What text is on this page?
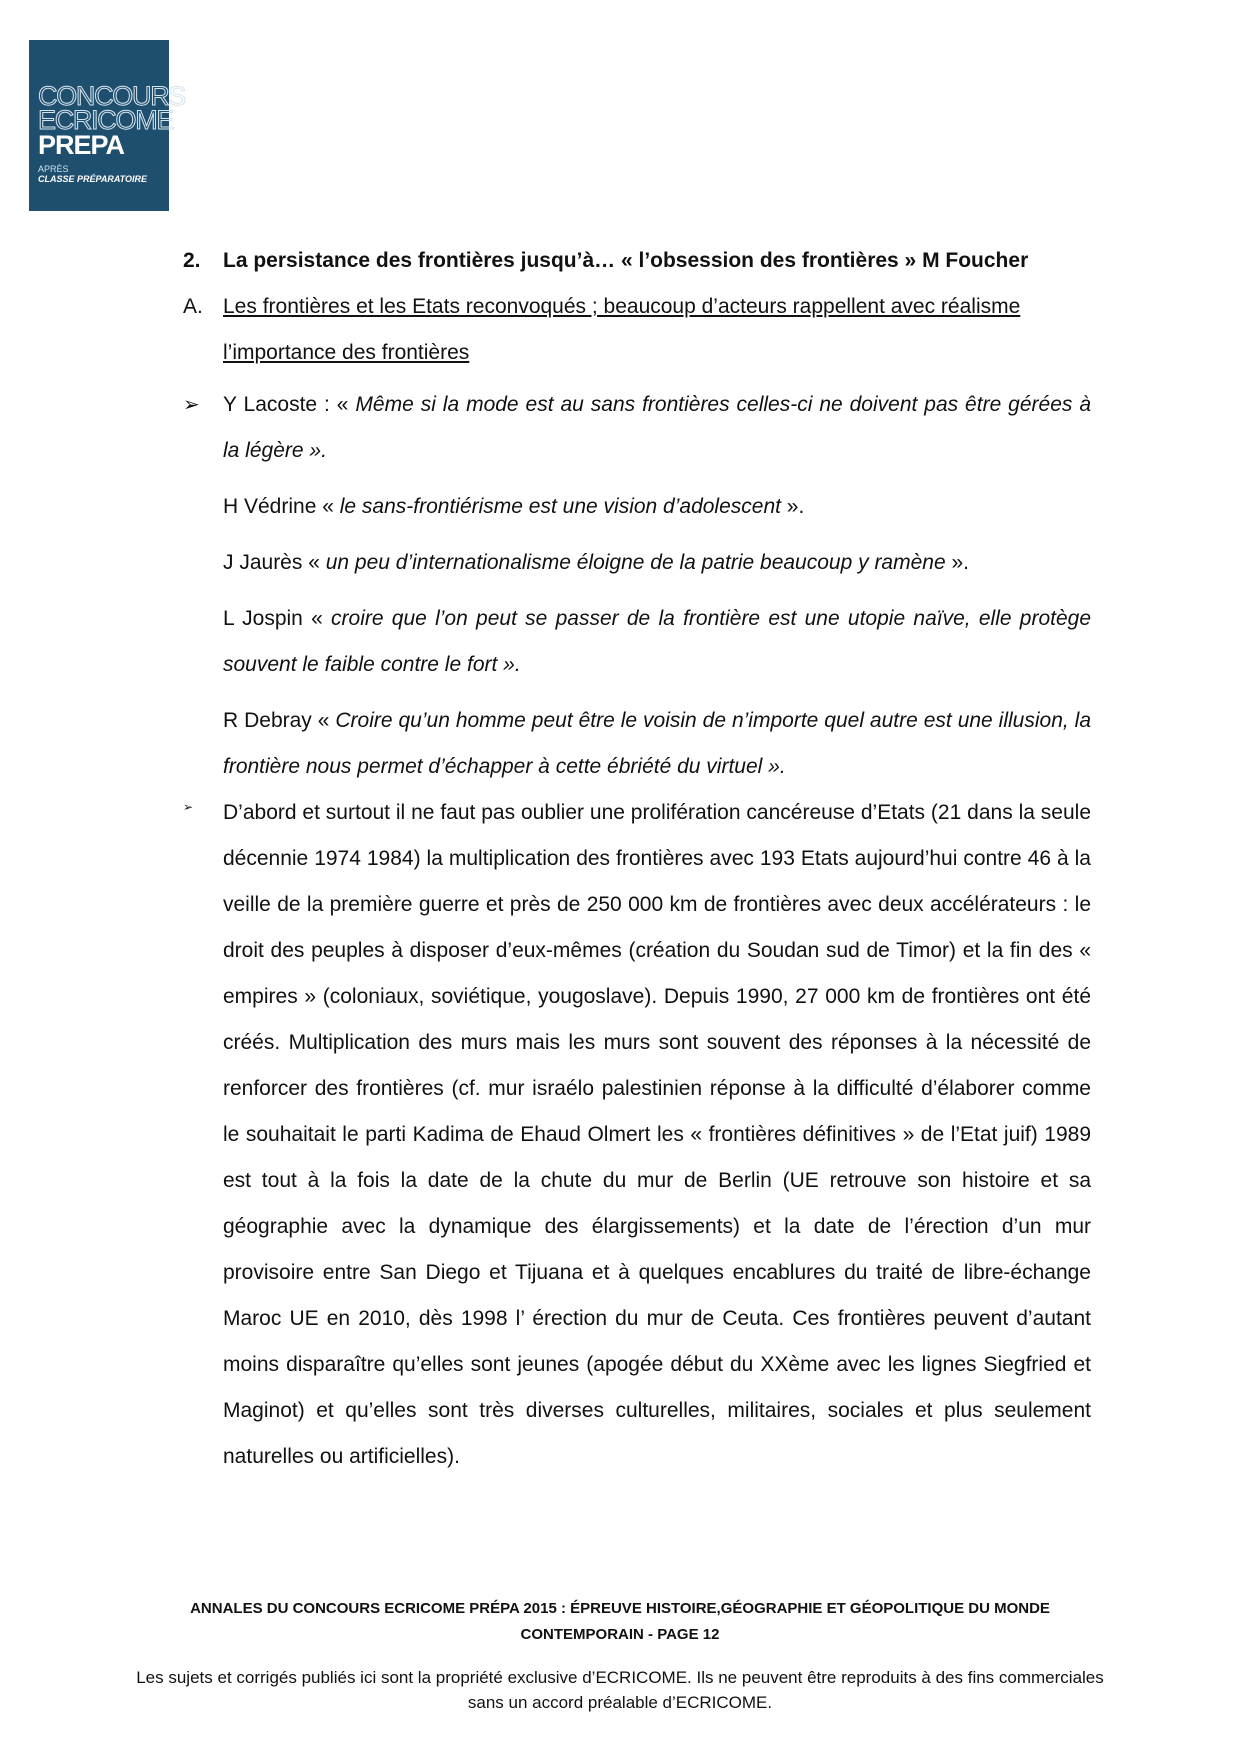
CONCOURS
ECRICOME
PREPA
APRÈS
CLASSE PRÉPARATOIRE
2. La persistance des frontières jusqu’à… « l’obsession des frontières » M Foucher
A. Les frontières et les Etats reconvoqués ; beaucoup d’acteurs rappellent avec réalisme l’importance des frontières
➢ Y Lacoste : « Même si la mode est au sans frontières celles-ci ne doivent pas être gérées à la légère ».
H Védrine « le sans-frontiérisme est une vision d’adolescent ».
J Jaurès « un peu d’internationalisme éloigne de la patrie beaucoup y ramène ».
L Jospin « croire que l’on peut se passer de la frontière est une utopie naïve, elle protège souvent le faible contre le fort ».
R Debray « Croire qu’un homme peut être le voisin de n’importe quel autre est une illusion, la frontière nous permet d’échapper à cette ébriété du virtuel ».
➢ D’abord et surtout il ne faut pas oublier une prolifération cancéreuse d’Etats (21 dans la seule décennie 1974 1984) la multiplication des frontières avec 193 Etats aujourd’hui contre 46 à la veille de la première guerre et près de 250 000 km de frontières avec deux accélérateurs : le droit des peuples à disposer d’eux-mêmes (création du Soudan sud de Timor) et la fin des « empires » (coloniaux, soviétique, yougoslave). Depuis 1990, 27 000 km de frontières ont été créés. Multiplication des murs mais les murs sont souvent des réponses à la nécessité de renforcer des frontières (cf. mur israélo palestinien réponse à la difficulté d’élaborer comme le souhaitait le parti Kadima de Ehaud Olmert les « frontières définitives » de l’Etat juif) 1989 est tout à la fois la date de la chute du mur de Berlin (UE retrouve son histoire et sa géographie avec la dynamique des élargissements) et la date de l’érection d’un mur provisoire entre San Diego et Tijuana et à quelques encablures du traité de libre-échange Maroc UE en 2010, dès 1998 l’ érection du mur de Ceuta. Ces frontières peuvent d’autant moins disparaître qu’elles sont jeunes (apogée début du XXème avec les lignes Siegfried et Maginot) et qu’elles sont très diverses culturelles, militaires, sociales et plus seulement naturelles ou artificielles).
ANNALES DU CONCOURS ECRICOME PRÉPA 2015 : ÉPREUVE HISTOIRE,GÉOGRAPHIE ET GÉOPOLITIQUE DU MONDE CONTEMPORAIN - PAGE 12
Les sujets et corrigés publiés ici sont la propriété exclusive d’ECRICOME. Ils ne peuvent être reproduits à des fins commerciales sans un accord préalable d’ECRICOME.
